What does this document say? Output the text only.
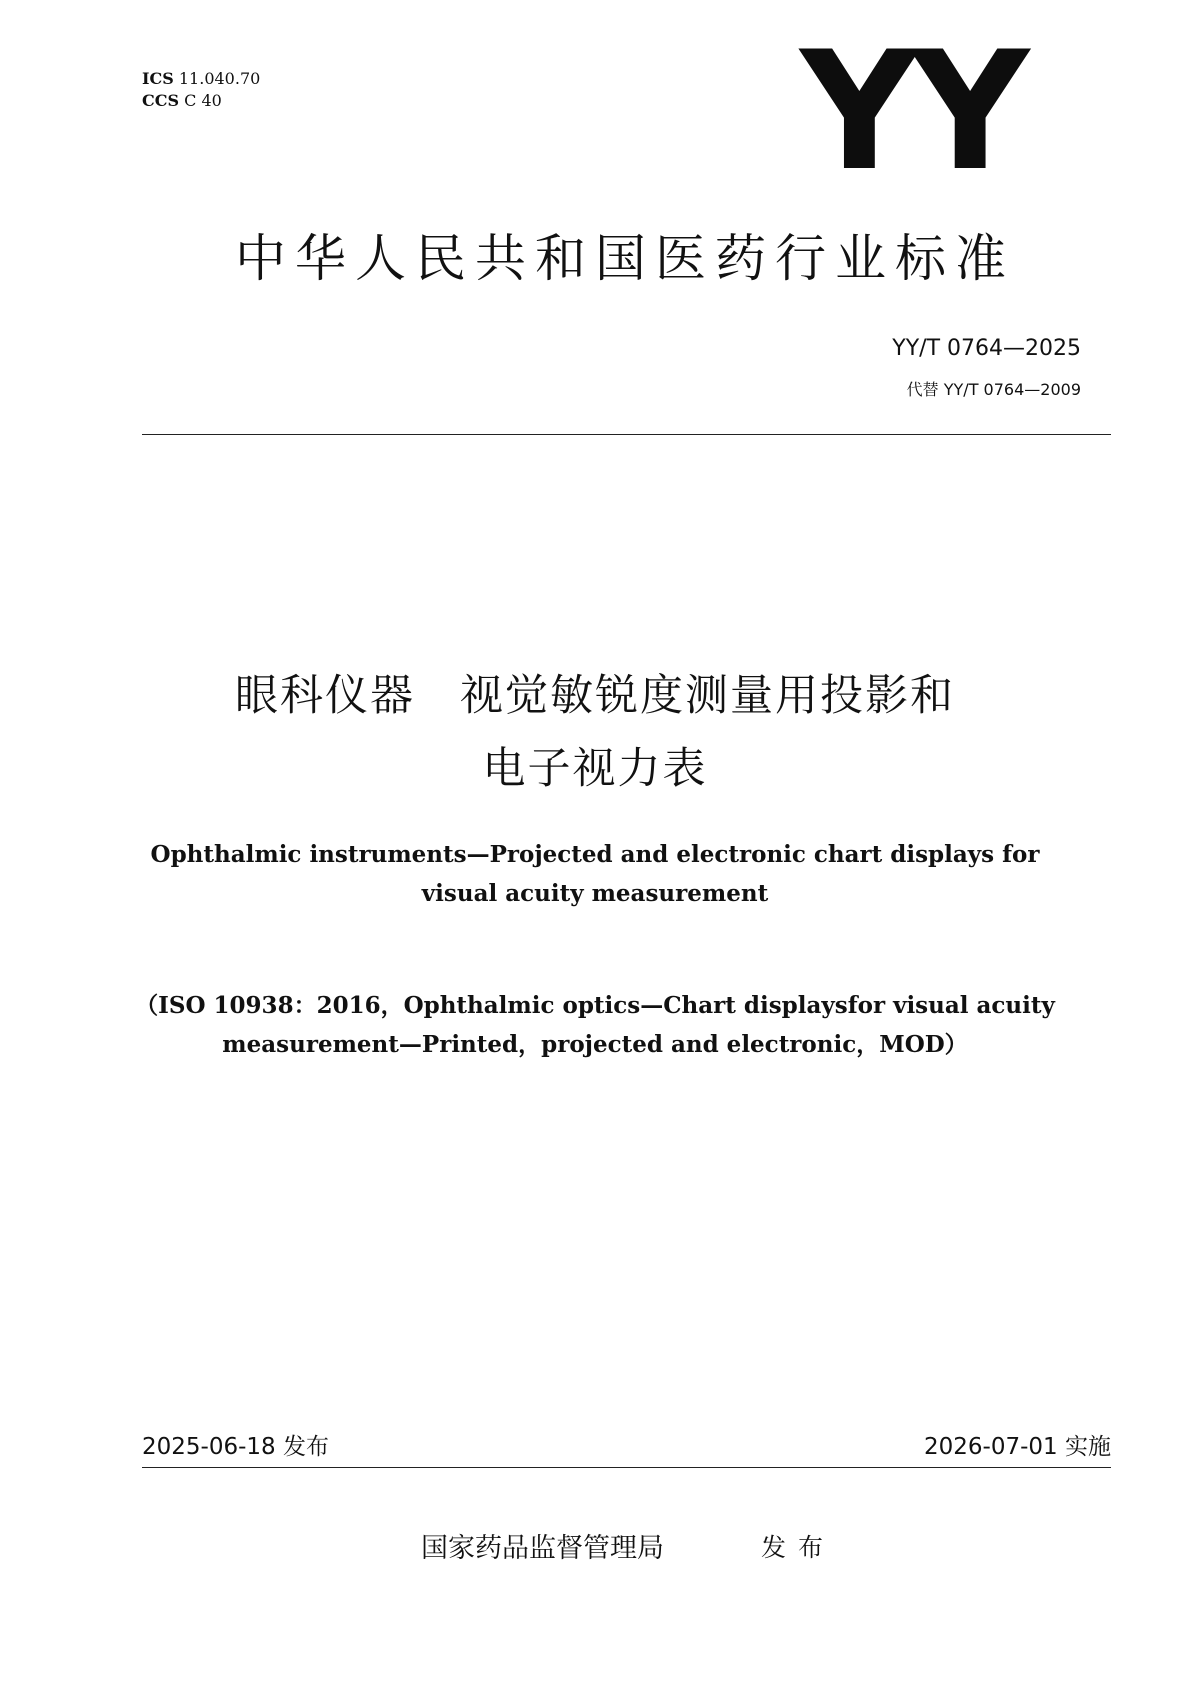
ICS 11.040.70
CCS C 40	YY
中华人民共和国医药行业标准
YY/T 0764—2025
代替 YY/T 0764—2009
眼科仪器　视觉敏锐度测量用投影和
电子视力表
Ophthalmic instruments—Projected and electronic chart displays for
visual acuity measurement
（ISO 10938：2016，Ophthalmic optics—Chart displaysfor visual acuity
measurement—Printed，projected and electronic，MOD）
2025-06-18 发布	2026-07-01 实施
国家药品监督管理局	发布
